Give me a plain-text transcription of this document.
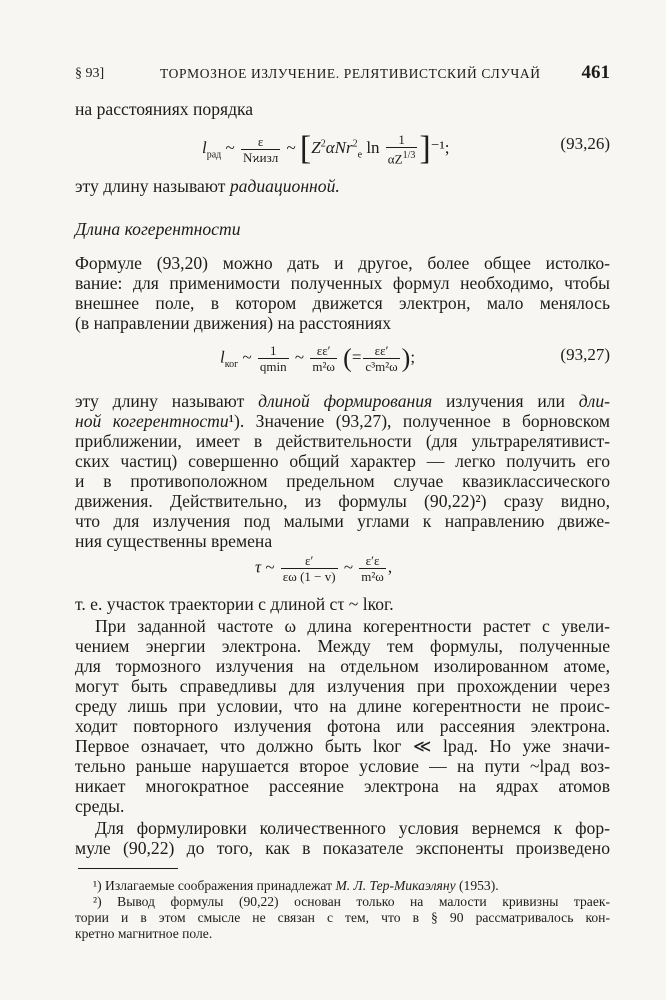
§ 93]	ТОРМОЗНОЕ ИЗЛУЧЕНИЕ. РЕЛЯТИВИСТСКИЙ СЛУЧАЙ 461
на расстояниях порядка
$l_{рад}$ ~ $\frac{\varepsilon}{\text{Nϰизл}}$ ~ [$Z^2\alpha Nr^2_e$ $\ln \frac{1}{\alpha Z^{1/3}} ]^{-1}$;	(93,26)
эту длину называют радиационной.
Длина когерентности
Формуле (93,20) можно дать и другое, более общее истолко-
вание: для применимости полученных формул необходимо, чтобы
внешнее поле, в котором движется электрон, мало менялось
(в направлении движения) на расстояниях
$l_{ког}$ ~ $\frac{1}{qmin}$ ~ $\frac{\varepsilon\varepsilon'}{\text{m²ω}}$ (= $\frac{\varepsilon\varepsilon'}{\text{c³m²ω}}$ );	(93,27)
эту длину называют длиной формирования излучения или дли-
ной когерентности¹). Значение (93,27), полученное в борновском
приближении, имеет в действительности (для ультрарелятивист-
ских частиц) совершенно общий характер — легко получить его
и в противоположном предельном случае квазиклассического
движения. Действительно, из формулы (90,22)²) сразу видно,
что для излучения под малыми углами к направлению движе-
ния существенны времена
τ ~ $\frac{\varepsilon'}{\varepsilon\omega (1 - v)}$ ~ $\frac{\varepsilon'\varepsilon}{\text{m²ω}}$ ,
т. е. участок траектории с длиной cτ ~ lког.
При заданной частоте ω длина когерентности растет с увели-
чением энергии электрона. Между тем формулы, полученные
для тормозного излучения на отдельном изолированном атоме,
могут быть справедливы для излучения при прохождении через
среду лишь при условии, что на длине когерентности не проис-
ходит повторного излучения фотона или рассеяния электрона.
Первое означает, что должно быть lког ≪ lрад. Но уже значи-
тельно раньше нарушается второе условие — на пути ~lрад воз-
никает многократное рассеяние электрона на ядрах атомов
среды.
Для формулировки количественного условия вернемся к фор-
¹) Излагаемые соображения принадлежат М. Л. Тер-Микаэляну (1953).
²) Вывод формулы (90,22) основан только на малости кривизны траек-
тории и в этом смысле не связан с тем, что в § 90 рассматривалось кон-
кретно магнитное поле.
муле (90,22) до того, как в показателе экспоненты произведено
